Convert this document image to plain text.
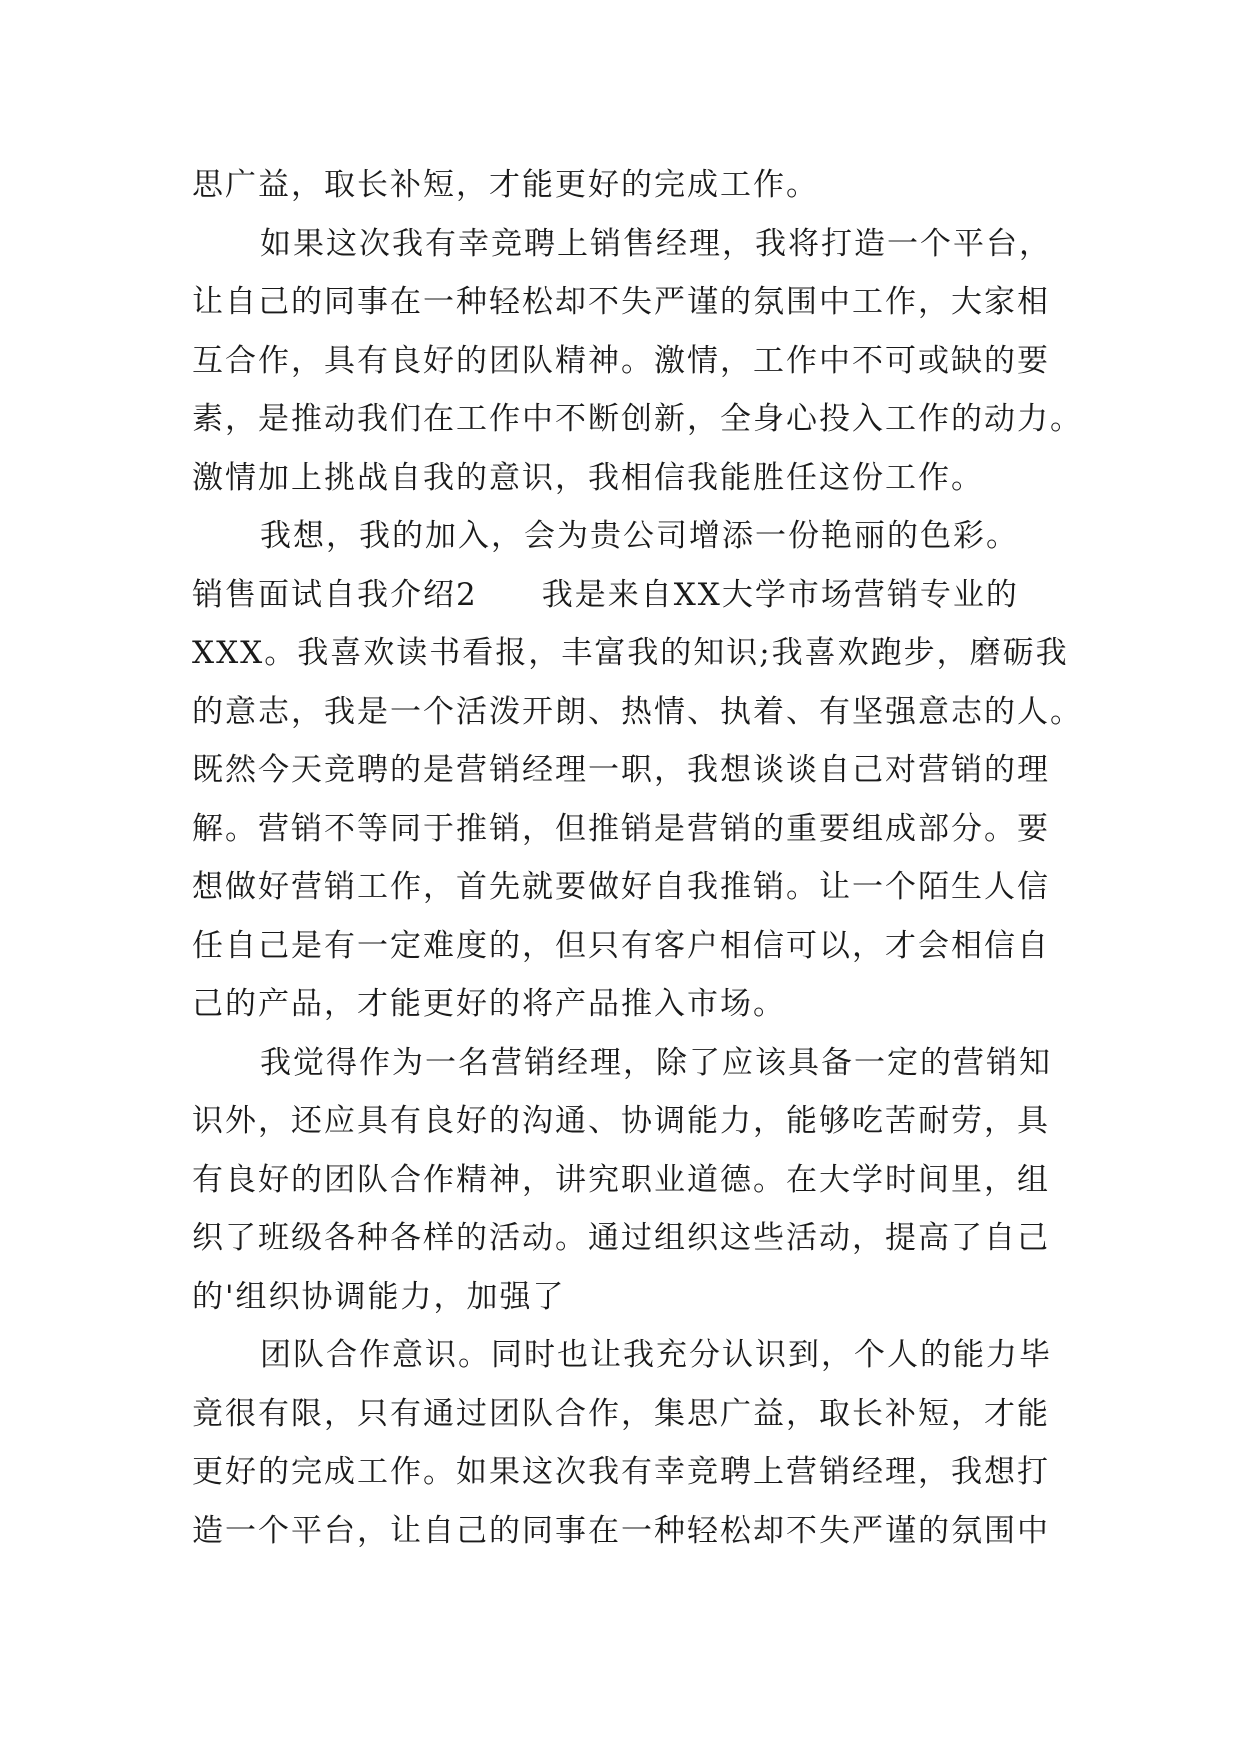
思广益，取长补短，才能更好的完成工作。
如果这次我有幸竞聘上销售经理，我将打造一个平台，
让自己的同事在一种轻松却不失严谨的氛围中工作，大家相
互合作，具有良好的团队精神。激情，工作中不可或缺的要
素，是推动我们在工作中不断创新，全身心投入工作的动力。
激情加上挑战自我的意识，我相信我能胜任这份工作。
我想，我的加入，会为贵公司增添一份艳丽的色彩。
销售面试自我介绍2 我是来自XX大学市场营销专业的
XXX。我喜欢读书看报，丰富我的知识;我喜欢跑步，磨砺我
的意志，我是一个活泼开朗、热情、执着、有坚强意志的人。
既然今天竞聘的是营销经理一职，我想谈谈自己对营销的理
解。营销不等同于推销，但推销是营销的重要组成部分。要
想做好营销工作，首先就要做好自我推销。让一个陌生人信
任自己是有一定难度的，但只有客户相信可以，才会相信自
己的产品，才能更好的将产品推入市场。
我觉得作为一名营销经理，除了应该具备一定的营销知
识外，还应具有良好的沟通、协调能力，能够吃苦耐劳，具
有良好的团队合作精神，讲究职业道德。在大学时间里，组
织了班级各种各样的活动。通过组织这些活动，提高了自己
的'组织协调能力，加强了
团队合作意识。同时也让我充分认识到，个人的能力毕
竟很有限，只有通过团队合作，集思广益，取长补短，才能
更好的完成工作。如果这次我有幸竞聘上营销经理，我想打
造一个平台，让自己的同事在一种轻松却不失严谨的氛围中
